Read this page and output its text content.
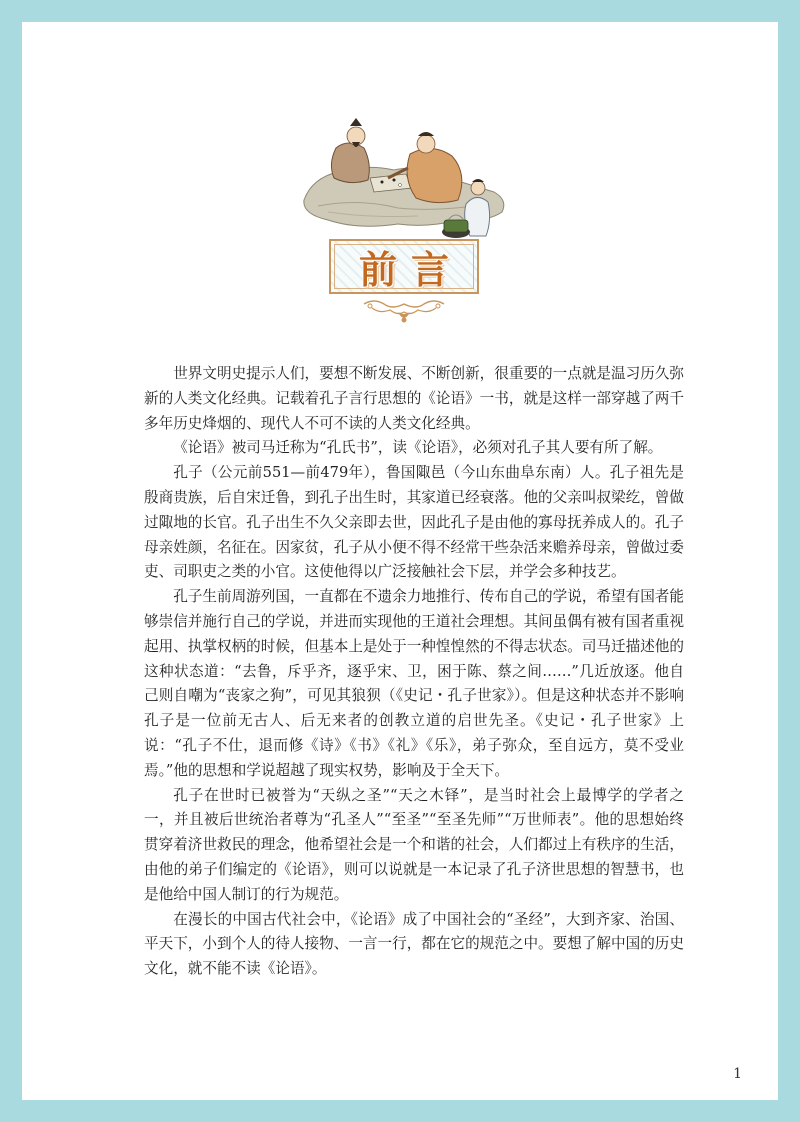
前言

世界文明史提示人们，要想不断发展、不断创新，很重要的一点就是温习历久弥新的人类文化经典。记载着孔子言行思想的《论语》一书，就是这样一部穿越了两千多年历史烽烟的、现代人不可不读的人类文化经典。

《论语》被司马迁称为“孔氏书”，读《论语》，必须对孔子其人要有所了解。

孔子（公元前551—前479年），鲁国陬邑（今山东曲阜东南）人。孔子祖先是殷商贵族，后自宋迁鲁，到孔子出生时，其家道已经衰落。他的父亲叫叔梁纥，曾做过陬地的长官。孔子出生不久父亲即去世，因此孔子是由他的寡母抚养成人的。孔子母亲姓颜，名征在。因家贫，孔子从小便不得不经常干些杂活来赡养母亲，曾做过委吏、司职吏之类的小官。这使他得以广泛接触社会下层，并学会多种技艺。

孔子生前周游列国，一直都在不遗余力地推行、传布自己的学说，希望有国者能够崇信并施行自己的学说，并进而实现他的王道社会理想。其间虽偶有被有国者重视起用、执掌权柄的时候，但基本上是处于一种惶惶然的不得志状态。司马迁描述他的这种状态道：“去鲁，斥乎齐，逐乎宋、卫，困于陈、蔡之间……”几近放逐。他自己则自嘲为“丧家之狗”，可见其狼狈（《史记・孔子世家》）。但是这种状态并不影响孔子是一位前无古人、后无来者的创教立道的启世先圣。《史记・孔子世家》上说：“孔子不仕，退而修《诗》《书》《礼》《乐》，弟子弥众，至自远方，莫不受业焉。”他的思想和学说超越了现实权势，影响及于全天下。

孔子在世时已被誉为“天纵之圣”“天之木铎”，是当时社会上最博学的学者之一，并且被后世统治者尊为“孔圣人”“至圣”“至圣先师”“万世师表”。他的思想始终贯穿着济世救民的理念，他希望社会是一个和谐的社会，人们都过上有秩序的生活，由他的弟子们编定的《论语》，则可以说就是一本记录了孔子济世思想的智慧书，也是他给中国人制订的行为规范。

在漫长的中国古代社会中，《论语》成了中国社会的“圣经”，大到齐家、治国、平天下，小到个人的待人接物、一言一行，都在它的规范之中。要想了解中国的历史文化，就不能不读《论语》。

1
